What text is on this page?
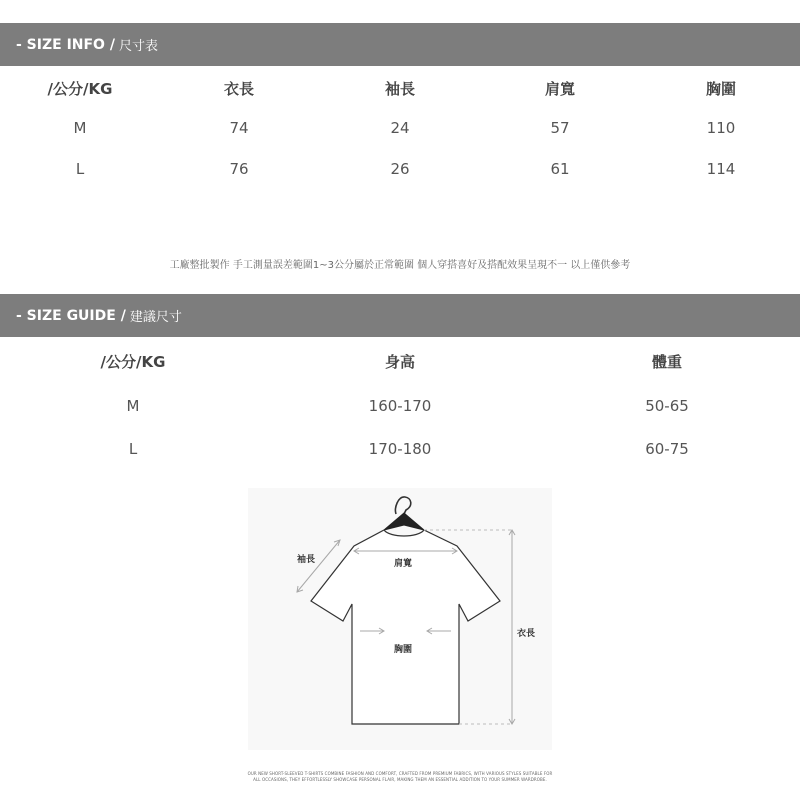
- SIZE INFO / 尺寸表
/公分/KG	衣長	袖長	肩寬	胸圍
M	74	24	57	110
L	76	26	61	114
工廠整批製作 手工測量誤差範圍1~3公分屬於正常範圍 個人穿搭喜好及搭配效果呈現不一 以上僅供參考
- SIZE GUIDE / 建議尺寸
/公分/KG	身高	體重
M	160-170	50-65
L	170-180	60-75
袖長	肩寬
胸圍
衣長
OUR NEW SHORT-SLEEVED T-SHIRTS COMBINE FASHION AND COMFORT, CRAFTED FROM PREMIUM FABRICS, WITH VARIOUS STYLES SUITABLE FOR
ALL OCCASIONS, THEY EFFORTLESSLY SHOWCASE PERSONAL FLAIR, MAKING THEM AN ESSENTIAL ADDITION TO YOUR SUMMER WARDROBE.
